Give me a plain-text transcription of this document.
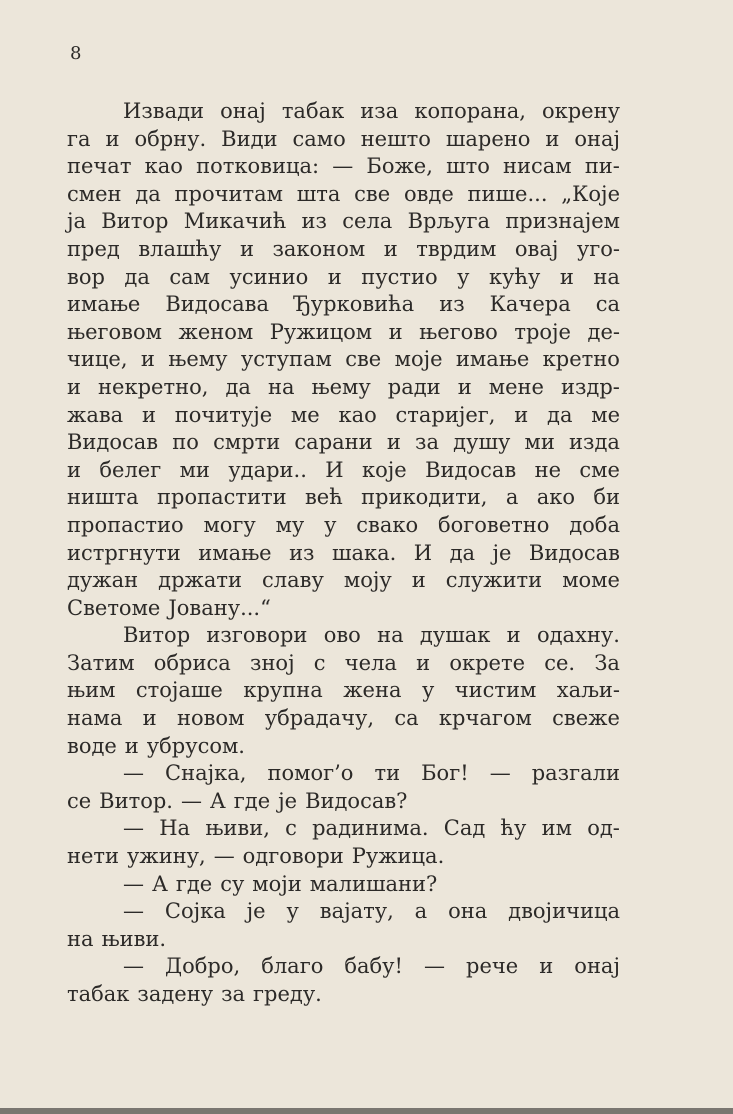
8
Извади онај табак иза копорана, окрену
га и обрну. Види само нешто шарено и онај
печат као потковица: — Боже, што нисам пи-
смен да прочитам шта све овде пише... „Које
ја Витор Микачић из села Врљуга признајем
пред влашћу и законом и тврдим овај уго-
вор да сам усинио и пустио у кућу и на
имање Видосава Ђурковића из Качера са
његовом женом Ружицом и његово троје де-
чице, и њему уступам све моје имање кретно
и некретно, да на њему ради и мене издр-
жава и почитује ме као старијег, и да ме
Видосав по смрти сарани и за душу ми изда
и белег ми удари.. И које Видосав не сме
ништа пропастити већ прикодити, а ако би
пропастио могу му у свако боговетно доба
истргнути имање из шака. И да је Видосав
дужан држати славу моју и служити моме
Светоме Јовану...“
Витор изговори ово на душак и одахну.
Затим обриса зној с чела и окрете се. За
њим стојаше крупна жена у чистим хаљи-
нама и новом убрадачу, са крчагом свеже
воде и убрусом.
— Снајка, помог’о ти Бог! — разгали
се Витор. — А где је Видосав?
— На њиви, с радинима. Сад ћу им од-
нети ужину, — одговори Ружица.
— А где су моји малишани?
— Сојка је у вајату, а она двојичица
на њиви.
— Добро, благо бабу! — рече и онај
табак задену за греду.
